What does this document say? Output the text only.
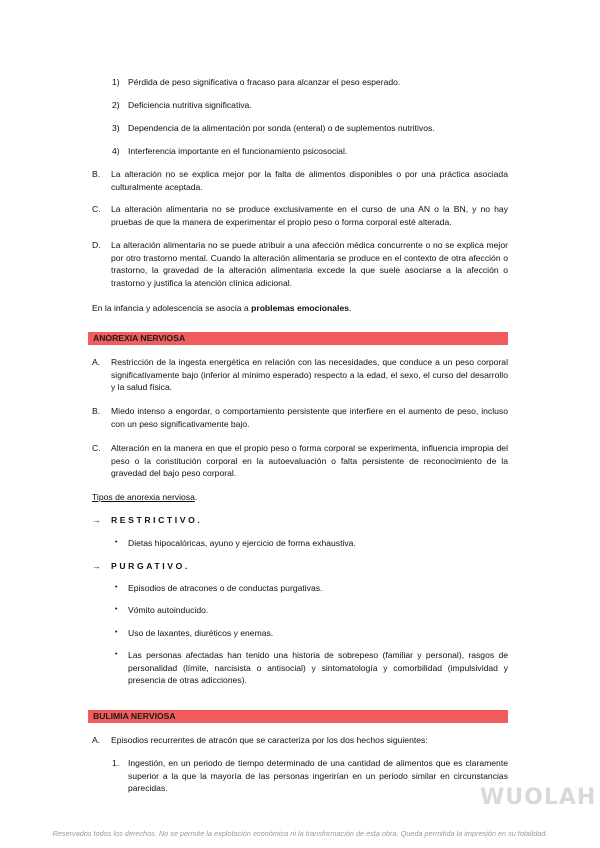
1) Pérdida de peso significativa o fracaso para alcanzar el peso esperado.
2) Deficiencia nutritiva significativa.
3) Dependencia de la alimentación por sonda (enteral) o de suplementos nutritivos.
4) Interferencia importante en el funcionamiento psicosocial.
B. La alteración no se explica mejor por la falta de alimentos disponibles o por una práctica asociada culturalmente aceptada.
C. La alteración alimentaria no se produce exclusivamente en el curso de una AN o la BN, y no hay pruebas de que la manera de experimentar el propio peso o forma corporal esté alterada.
D. La alteración alimentaria no se puede atribuir a una afección médica concurrente o no se explica mejor por otro trastorno mental. Cuando la alteración alimentaria se produce en el contexto de otra afección o trastorno, la gravedad de la alteración alimentaria excede la que suele asociarse a la afección o trastorno y justifica la atención clínica adicional.
En la infancia y adolescencia se asocia a problemas emocionales.
ANOREXIA NERVIOSA
A. Restricción de la ingesta energética en relación con las necesidades, que conduce a un peso corporal significativamente bajo (inferior al mínimo esperado) respecto a la edad, el sexo, el curso del desarrollo y la salud física.
B. Miedo intenso a engordar, o comportamiento persistente que interfiere en el aumento de peso, incluso con un peso significativamente bajo.
C. Alteración en la manera en que el propio peso o forma corporal se experimenta, influencia impropia del peso o la constitución corporal en la autoevaluación o falta persistente de reconocimiento de la gravedad del bajo peso corporal.
Tipos de anorexia nerviosa.
→ RESTRICTIVO.
• Dietas hipocalóricas, ayuno y ejercicio de forma exhaustiva.
→ PURGATIVO.
• Episodios de atracones o de conductas purgativas.
• Vómito autoinducido.
• Uso de laxantes, diuréticos y enemas.
• Las personas afectadas han tenido una historia de sobrepeso (familiar y personal), rasgos de personalidad (límite, narcisista o antisocial) y sintomatología y comorbilidad (impulsividad y presencia de otras adicciones).
BULIMIA NERVIOSA
A. Episodios recurrentes de atracón que se caracteriza por los dos hechos siguientes:
1. Ingestión, en un periodo de tiempo determinado de una cantidad de alimentos que es claramente superior a la que la mayoría de las personas ingerirían en un periodo similar en circunstancias parecidas.	WUOLAH
Reservados todos los derechos. No se permite la explotación económica ni la transformación de esta obra. Queda permitida la impresión en su totalidad.
